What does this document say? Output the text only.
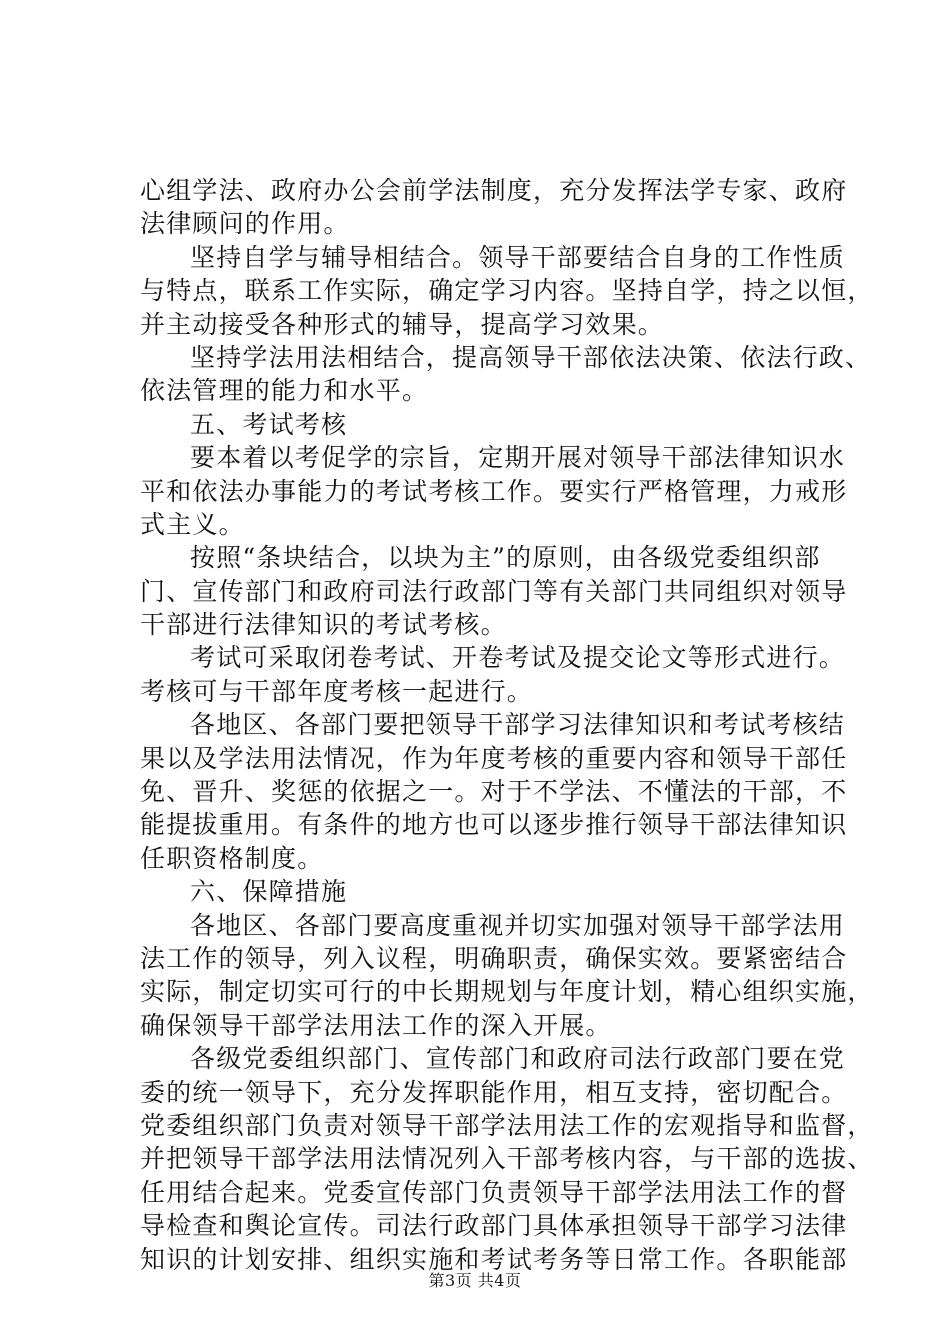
心组学法、政府办公会前学法制度，充分发挥法学专家、政府
法律顾问的作用。
坚持自学与辅导相结合。领导干部要结合自身的工作性质
与特点，联系工作实际，确定学习内容。坚持自学，持之以恒，
并主动接受各种形式的辅导，提高学习效果。
坚持学法用法相结合，提高领导干部依法决策、依法行政、
依法管理的能力和水平。
五、考试考核
要本着以考促学的宗旨，定期开展对领导干部法律知识水
平和依法办事能力的考试考核工作。要实行严格管理，力戒形
式主义。
按照“条块结合，以块为主”的原则，由各级党委组织部
门、宣传部门和政府司法行政部门等有关部门共同组织对领导
干部进行法律知识的考试考核。
考试可采取闭卷考试、开卷考试及提交论文等形式进行。
考核可与干部年度考核一起进行。
各地区、各部门要把领导干部学习法律知识和考试考核结
果以及学法用法情况，作为年度考核的重要内容和领导干部任
免、晋升、奖惩的依据之一。对于不学法、不懂法的干部，不
能提拔重用。有条件的地方也可以逐步推行领导干部法律知识
任职资格制度。
六、保障措施
各地区、各部门要高度重视并切实加强对领导干部学法用
法工作的领导，列入议程，明确职责，确保实效。要紧密结合
实际，制定切实可行的中长期规划与年度计划，精心组织实施，
确保领导干部学法用法工作的深入开展。
各级党委组织部门、宣传部门和政府司法行政部门要在党
委的统一领导下，充分发挥职能作用，相互支持，密切配合。
党委组织部门负责对领导干部学法用法工作的宏观指导和监督，
并把领导干部学法用法情况列入干部考核内容，与干部的选拔、
任用结合起来。党委宣传部门负责领导干部学法用法工作的督
导检查和舆论宣传。司法行政部门具体承担领导干部学习法律
知识的计划安排、组织实施和考试考务等日常工作。各职能部
第3页 共4页
